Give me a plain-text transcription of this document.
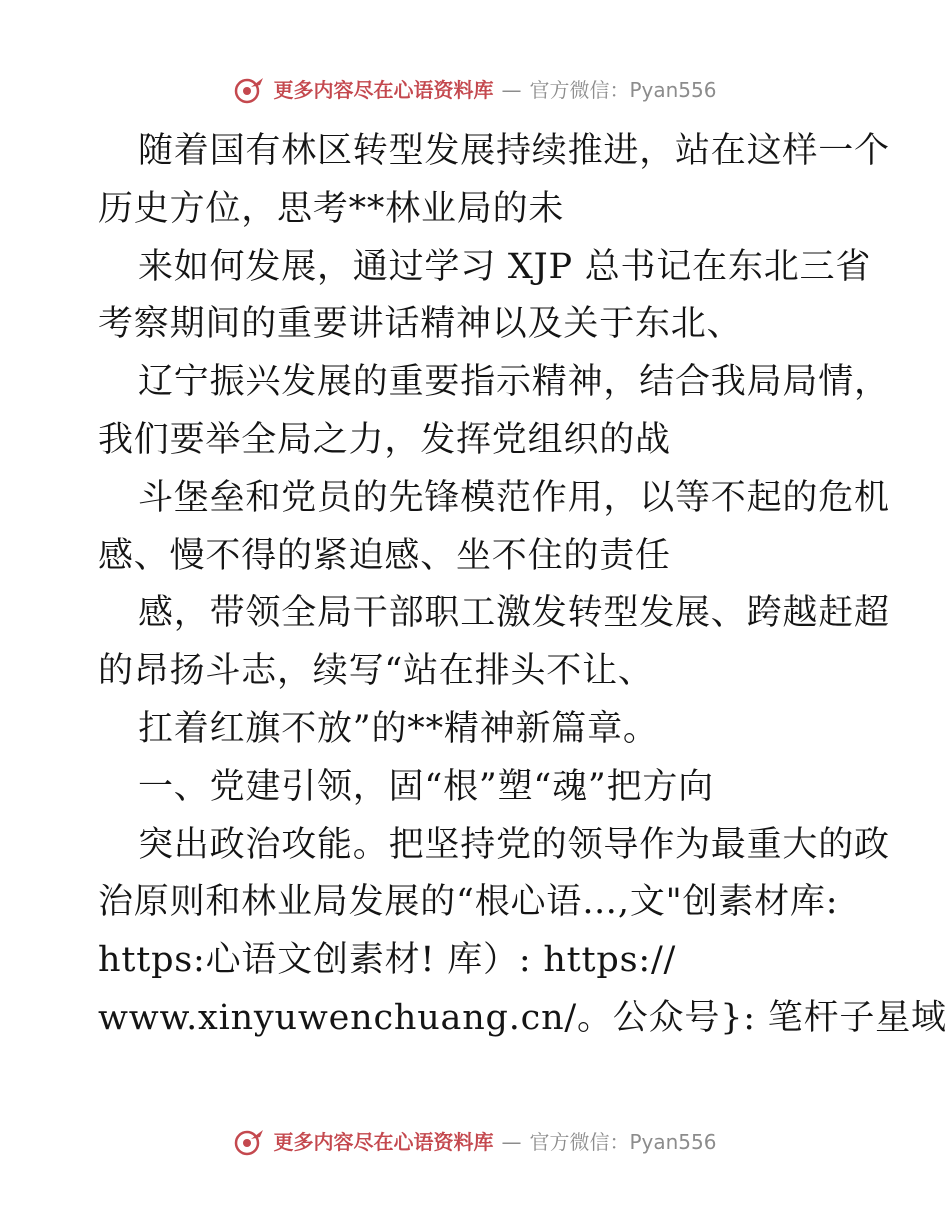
更多内容尽在心语资料库 — 官方微信：Pyan556
随着国有林区转型发展持续推进，站在这样一个
历史方位，思考**林业局的未
来如何发展，通过学习 XJP 总书记在东北三省
考察期间的重要讲话精神以及关于东北、
辽宁振兴发展的重要指示精神，结合我局局情，
我们要举全局之力，发挥党组织的战
斗堡垒和党员的先锋模范作用，以等不起的危机
感、慢不得的紧迫感、坐不住的责任
感，带领全局干部职工激发转型发展、跨越赶超
的昂扬斗志，续写“站在排头不让、
扛着红旗不放”的**精神新篇章。
一、党建引领，固“根”塑“魂”把方向
突出政治攻能。把坚持党的领导作为最重大的政
治原则和林业局发展的“根心语…,文"创素材库:
https:心语文创素材! 库）: https://
www.xinyuwenchuang.cn/。公众号}: 笔杆子星域
更多内容尽在心语资料库 — 官方微信：Pyan556
